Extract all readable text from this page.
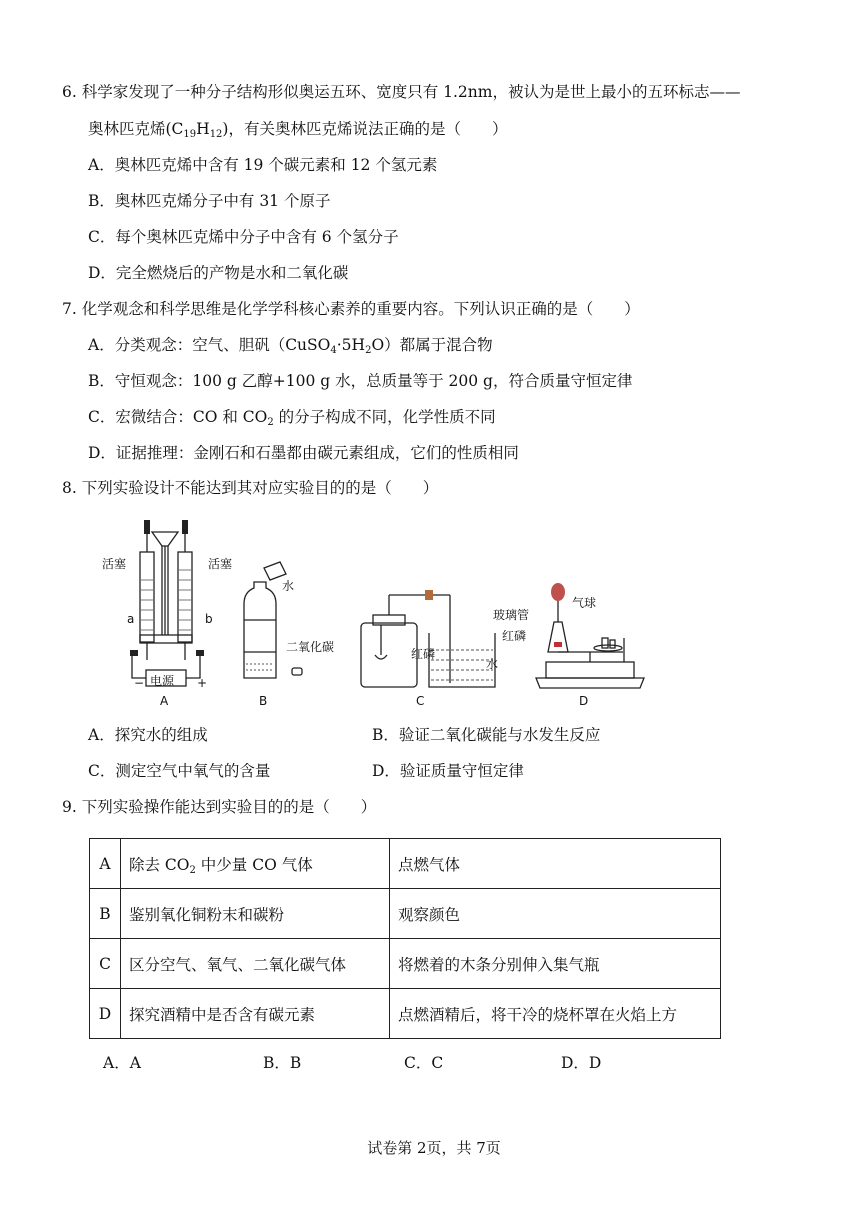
6. 科学家发现了一种分子结构形似奥运五环、宽度只有 1.2nm，被认为是世上最小的五环标志——
奥林匹克烯$(C_{19}H_{12})$，有关奥林匹克烯说法正确的是（　　）
A．奥林匹克烯中含有 19 个碳元素和 12 个氢元素
B．奥林匹克烯分子中有 31 个原子
C．每个奥林匹克烯中分子中含有 6 个氢分子
D．完全燃烧后的产物是水和二氧化碳
7. 化学观念和科学思维是化学学科核心素养的重要内容。下列认识正确的是（　　）
A．分类观念：空气、胆矾$(CuSO_4\cdot 5H_2O)$都属于混合物
B．守恒观念：100 g 乙醇+100 g 水，总质量等于 200 g，符合质量守恒定律
C．宏微结合：CO 和 $CO_2$ 的分子构成不同，化学性质不同
D．证据推理：金刚石和石墨都由碳元素组成，它们的性质相同
8. 下列实验设计不能达到其对应实验目的的是（　　）
活塞	活塞
a	b
电源
−	+
A
水
二氧化碳
B
红磷
水
C
玻璃管
气球
红磷
D
A．探究水的组成	B．验证二氧化碳能与水发生反应
C．测定空气中氧气的含量	D．验证质量守恒定律
9. 下列实验操作能达到实验目的的是（　　）
A	除去 $CO_2$ 中少量 CO 气体	点燃气体
B	鉴别氧化铜粉末和碳粉	观察颜色
C	区分空气、氧气、二氧化碳气体	将燃着的木条分别伸入集气瓶
D	探究酒精中是否含有碳元素	点燃酒精后，将干冷的烧杯罩在火焰上方
A．A	B．B	C．C	D．D
试卷第 2页，共 7页
